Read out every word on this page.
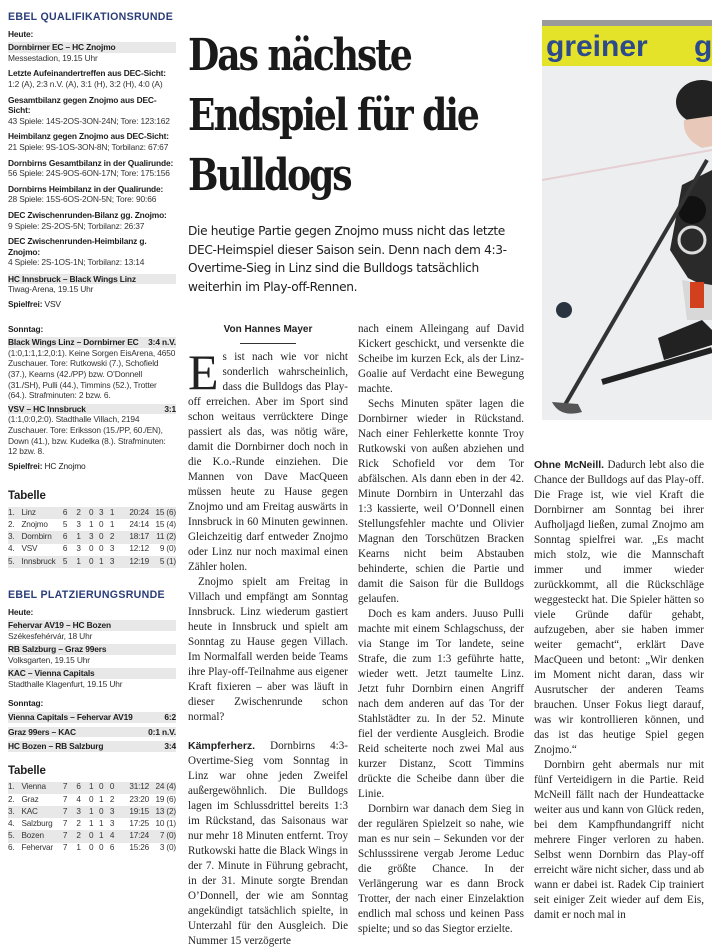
EBEL QUALIFIKATIONSRUNDE
Heute:
Dornbirner EC – HC Znojmo
Messestadion, 19.15 Uhr
Letzte Aufeinandertreffen aus DEC-Sicht:
1:2 (A), 2:3 n.V. (A), 3:1 (H), 3:2 (H), 4:0 (A)
Gesamtbilanz gegen Znojmo aus DEC-Sicht:
43 Spiele: 14S-2OS-3ON-24N; Tore: 123:162
Heimbilanz gegen Znojmo aus DEC-Sicht:
21 Spiele: 9S-1OS-3ON-8N; Torbilanz: 67:67
Dornbirns Gesamtbilanz in der Qualirunde:
56 Spiele: 24S-9OS-6ON-17N; Tore: 175:156
Dornbirns Heimbilanz in der Qualirunde:
28 Spiele: 15S-6OS-2ON-5N; Tore: 90:66
DEC Zwischenrunden-Bilanz gg. Znojmo:
9 Spiele: 2S-2OS-5N; Torbilanz: 26:37
DEC Zwischenrunden-Heimbilanz g. Znojmo:
4 Spiele: 2S-1OS-1N; Torbilanz: 13:14
HC Innsbruck – Black Wings Linz
Tiwag-Arena, 19.15 Uhr
Spielfrei: VSV
Sonntag:
Black Wings Linz – Dornbirner EC 3:4 n.V.
(1:0,1:1,1:2,0:1). Keine Sorgen EisArena, 4650 Zuschauer. Tore: Rutkowski (7.), Schofield (37.), Kearns (42./PP) bzw. O’Donnell (31./SH), Pulli (44.), Timmins (52.), Trotter (64.). Strafminuten: 2 bzw. 6.
VSV – HC Innsbruck	3:1
(1:1,0:0,2:0). Stadthalle Villach, 2194 Zuschauer. Tore: Eriksson (15./PP, 60./EN), Down (41.), bzw. Kudelka (8.). Strafminuten: 12 bzw. 8.
Spielfrei: HC Znojmo
Tabelle
1.	Linz	6	2	0	3	1	20:24	15 (6)
2.	Znojmo	5	3	1	0	1	24:14	15 (4)
3.	Dornbirn	6	1	3	0	2	18:17	11 (2)
4.	VSV	6	3	0	0	3	12:12	9 (0)
5.	Innsbruck	5	1	0	1	3	12:19	5 (1)
EBEL PLATZIERUNGSRUNDE
Heute:
Fehervar AV19 – HC Bozen
Székesfehérvár, 18 Uhr
RB Salzburg – Graz 99ers
Volksgarten, 19.15 Uhr
KAC – Vienna Capitals
Stadthalle Klagenfurt, 19.15 Uhr
Sonntag:
Vienna Capitals – Fehervar AV19	6:2
Graz 99ers – KAC	0:1 n.V.
HC Bozen – RB Salzburg	3:4
Tabelle
1.	Vienna	7	6	1	0	0	31:12	24 (4)
2.	Graz	7	4	0	1	2	23:20	19 (6)
3.	KAC	7	3	1	0	3	19:15	13 (2)
4.	Salzburg	7	2	1	1	3	17:25	10 (1)
5.	Bozen	7	2	0	1	4	17:24	7 (0)
6.	Fehervar	7	1	0	0	6	15:26	3 (0)
Das nächste
Endspiel für die
Bulldogs
Die heutige Partie gegen Znojmo muss nicht das letzte DEC-Heimspiel dieser Saison sein. Denn nach dem 4:3-Overtime-Sieg in Linz sind die Bulldogs tatsächlich weiterhin im Play-off-Rennen.
Von Hannes Mayer

Es ist nach wie vor nicht sonderlich wahrscheinlich, dass die Bulldogs das Play-off erreichen. Aber im Sport sind schon weitaus verrücktere Dinge passiert als das, was nötig wäre, damit die Dornbirner doch noch in die K.o.-Runde einziehen. Die Mannen von Dave MacQueen müssen heute zu Hause gegen Znojmo und am Freitag auswärts in Innsbruck in 60 Minuten gewinnen. Gleichzeitig darf entweder Znojmo oder Linz nur noch maximal einen Zähler holen.

Znojmo spielt am Freitag in Villach und empfängt am Sonntag Innsbruck. Linz wiederum gastiert heute in Innsbruck und spielt am Sonntag zu Hause gegen Villach. Im Normalfall werden beide Teams ihre Play-off-Teilnahme aus eigener Kraft fixieren – aber was läuft in dieser Zwischenrunde schon normal?

Kämpferherz. Dornbirns 4:3-Overtime-Sieg vom Sonntag in Linz war ohne jeden Zweifel außergewöhnlich. Die Bulldogs lagen im Schlussdrittel bereits 1:3 im Rückstand, das Saisonaus war nur mehr 18 Minuten entfernt. Troy Rutkowski hatte die Black Wings in der 7. Minute in Führung gebracht, in der 31. Minute sorgte Brendan O’Donnell, der wie am Sonntag angekündigt tatsächlich spielte, in Unterzahl für den Ausgleich. Die Nummer 15 verzögerte

nach einem Alleingang auf David Kickert geschickt, und versenkte die Scheibe im kurzen Eck, als der Linz-Goalie auf Verdacht eine Bewegung machte.

Sechs Minuten später lagen die Dornbirner wieder in Rückstand. Nach einer Fehlerkette konnte Troy Rutkowski von außen abziehen und Rick Schofield vor dem Tor abfälschen. Als dann eben in der 42. Minute Dornbirn in Unterzahl das 1:3 kassierte, weil O’Donnell einen Stellungsfehler machte und Olivier Magnan den Torschützen Bracken Kearns nicht beim Abstauben behinderte, schien die Partie und damit die Saison für die Bulldogs gelaufen.

Doch es kam anders. Juuso Pulli machte mit einem Schlagschuss, der via Stange im Tor landete, seine Strafe, die zum 1:3 geführte hatte, wieder wett. Jetzt taumelte Linz. Jetzt fuhr Dornbirn einen Angriff nach dem anderen auf das Tor der Stahlstädter zu. In der 52. Minute fiel der verdiente Ausgleich. Brodie Reid scheiterte noch zwei Mal aus kurzer Distanz, Scott Timmins drückte die Scheibe dann über die Linie.

Dornbirn war danach dem Sieg in der regulären Spielzeit so nahe, wie man es nur sein – Sekunden vor der Schlusssirene vergab Jerome Leduc die größte Chance. In der Verlängerung war es dann Brock Trotter, der nach einer Einzelaktion endlich mal schoss und keinen Pass spielte; und so das Siegtor erzielte.

greiner g

Ohne McNeill. Dadurch lebt also die Chance der Bulldogs auf das Play-off. Die Frage ist, wie viel Kraft die Dornbirner am Sonntag bei ihrer Aufholjagd ließen, zumal Znojmo am Sonntag spielfrei war. „Es macht mich stolz, wie die Mannschaft immer und immer wieder zurückkommt, all die Rückschläge weggesteckt hat. Die Spieler hätten so viele Gründe dafür gehabt, aufzugeben, aber sie haben immer weiter gemacht“, erklärt Dave MacQueen und betont: „Wir denken im Moment nicht daran, dass wir Ausrutscher der anderen Teams brauchen. Unser Fokus liegt darauf, was wir kontrollieren können, und das ist das heutige Spiel gegen Znojmo.“

Dornbirn geht abermals nur mit fünf Verteidigern in die Partie. Reid McNeill fällt nach der Hundeattacke weiter aus und kann von Glück reden, bei dem Kampfhundangriff nicht mehrere Finger verloren zu haben. Selbst wenn Dornbirn das Play-off erreicht wäre nicht sicher, dass und ab wann er dabei ist. Radek Cip trainiert seit einiger Zeit wieder auf dem Eis, damit er noch mal in
